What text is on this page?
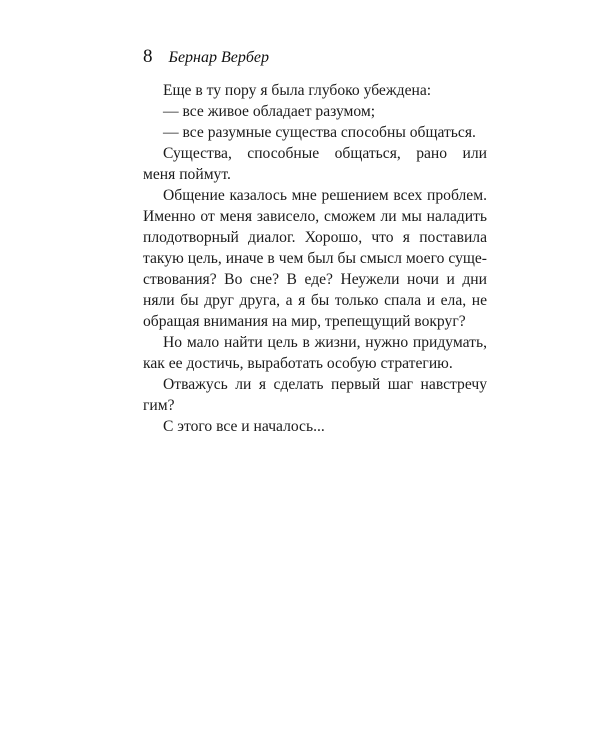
8 Бернар Вербер
Еще в ту пору я была глубоко убеждена:
— все живое обладает разумом;
— все разумные существа способны общаться.
Существа, способные общаться, рано или
меня поймут.
Общение казалось мне решением всех проблем.
Именно от меня зависело, сможем ли мы наладить
плодотворный диалог. Хорошо, что я поставила
такую цель, иначе в чем был бы смысл моего суще-
ствования? Во сне? В еде? Неужели ночи и дни
няли бы друг друга, а я бы только спала и ела, не
обращая внимания на мир, трепещущий вокруг?
Но мало найти цель в жизни, нужно придумать,
как ее достичь, выработать особую стратегию.
Отважусь ли я сделать первый шаг навстречу
гим?
С этого все и началось...
